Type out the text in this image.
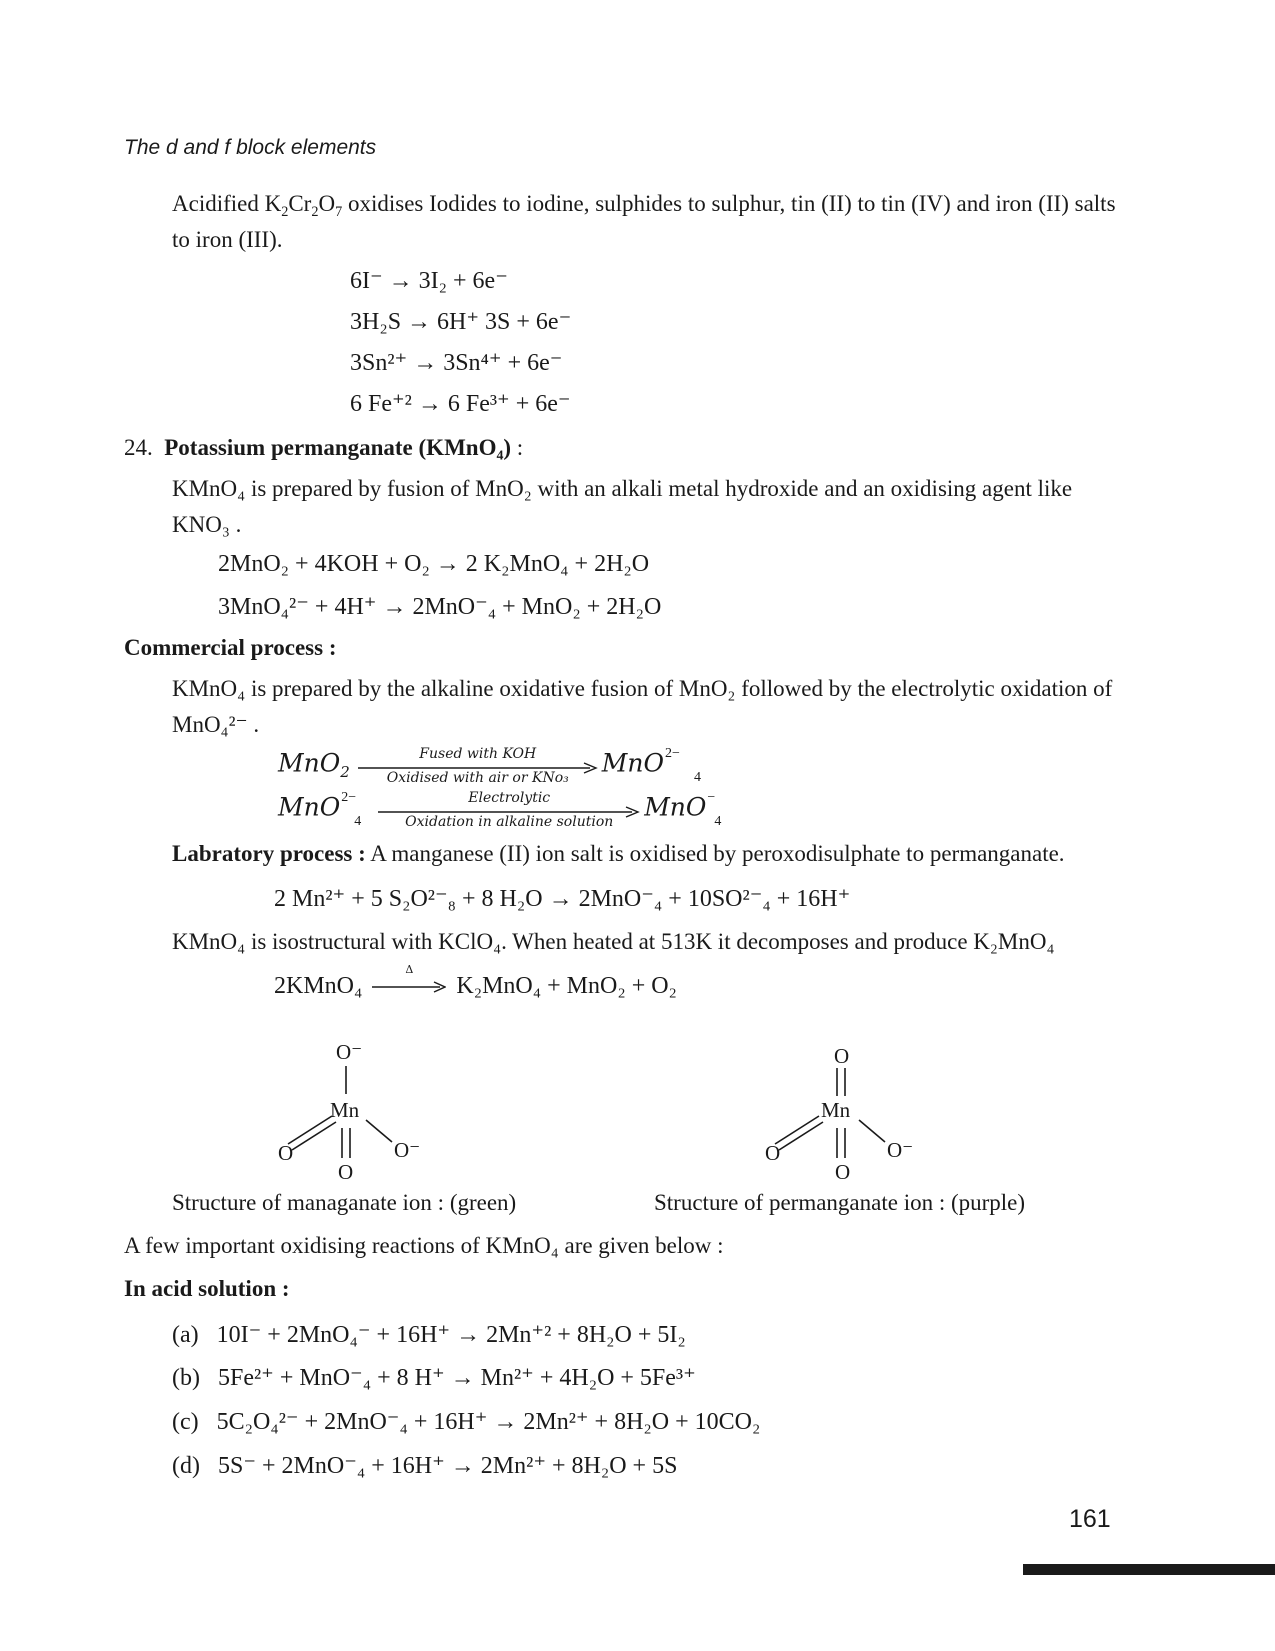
The d and f block elements
Acidified $K_2Cr_2O_7$ oxidises Iodides to iodine, sulphides to sulphur, tin (II) to tin (IV) and iron (II) salts
to iron (III).
6I⁻ → 3I₂ + 6e⁻
3H₂S → 6H⁺ 3S + 6e⁻
3Sn²⁺ → 3Sn⁴⁺ + 6e⁻
6 Fe⁺² → 6 Fe³⁺ + 6e⁻
24. Potassium permanganate (KMnO₄) :
KMnO₄ is prepared by fusion of MnO₂ with an alkali metal hydroxide and an oxidising agent like
KNO₃ .
2MnO₂ + 4KOH + O₂ → 2 K₂MnO₄ + 2H₂O
3MnO₄²⁻ + 4H⁺ → 2MnO⁻₄ + MnO₂ + 2H₂O
Commercial process :
KMnO₄ is prepared by the alkaline oxidative fusion of MnO₂ followed by the electrolytic oxidation of
MnO₄²⁻ .
MnO$_2$
Fused with KOH
Oxidised with air or KNo₃
MnO 2−
4
MnO 2−
4

Electrolytic
Oxidation in alkaline solution
MnO −
4
Labratory process : A manganese (II) ion salt is oxidised by peroxodisulphate to permanganate.
2 Mn²⁺ + 5 S₂O²⁻₈ + 8 H₂O → 2MnO⁻₄ + 10SO²⁻₄ + 16H⁺
KMnO₄ is isostructural with KClO₄. When heated at 513K it decomposes and produce K₂MnO₄
2KMnO₄
Δ
K₂MnO₄ + MnO₂ + O₂
O⁻
Mn
O	O⁻
O
O
Mn
O	O⁻
O
Structure of managanate ion : (green)	Structure of permanganate ion : (purple)
A few important oxidising reactions of KMnO₄ are given below :
In acid solution :
(a) 10I⁻ + 2MnO₄⁻ + 16H⁺ → 2Mn⁺² + 8H₂O + 5I₂
(b) 5Fe²⁺ + MnO⁻₄ + 8 H⁺ → Mn²⁺ + 4H₂O + 5Fe³⁺
(c) 5C₂O₄²⁻ + 2MnO⁻₄ + 16H⁺ → 2Mn²⁺ + 8H₂O + 10CO₂
(d) 5S⁻ + 2MnO⁻₄ + 16H⁺ → 2Mn²⁺ + 8H₂O + 5S
161
